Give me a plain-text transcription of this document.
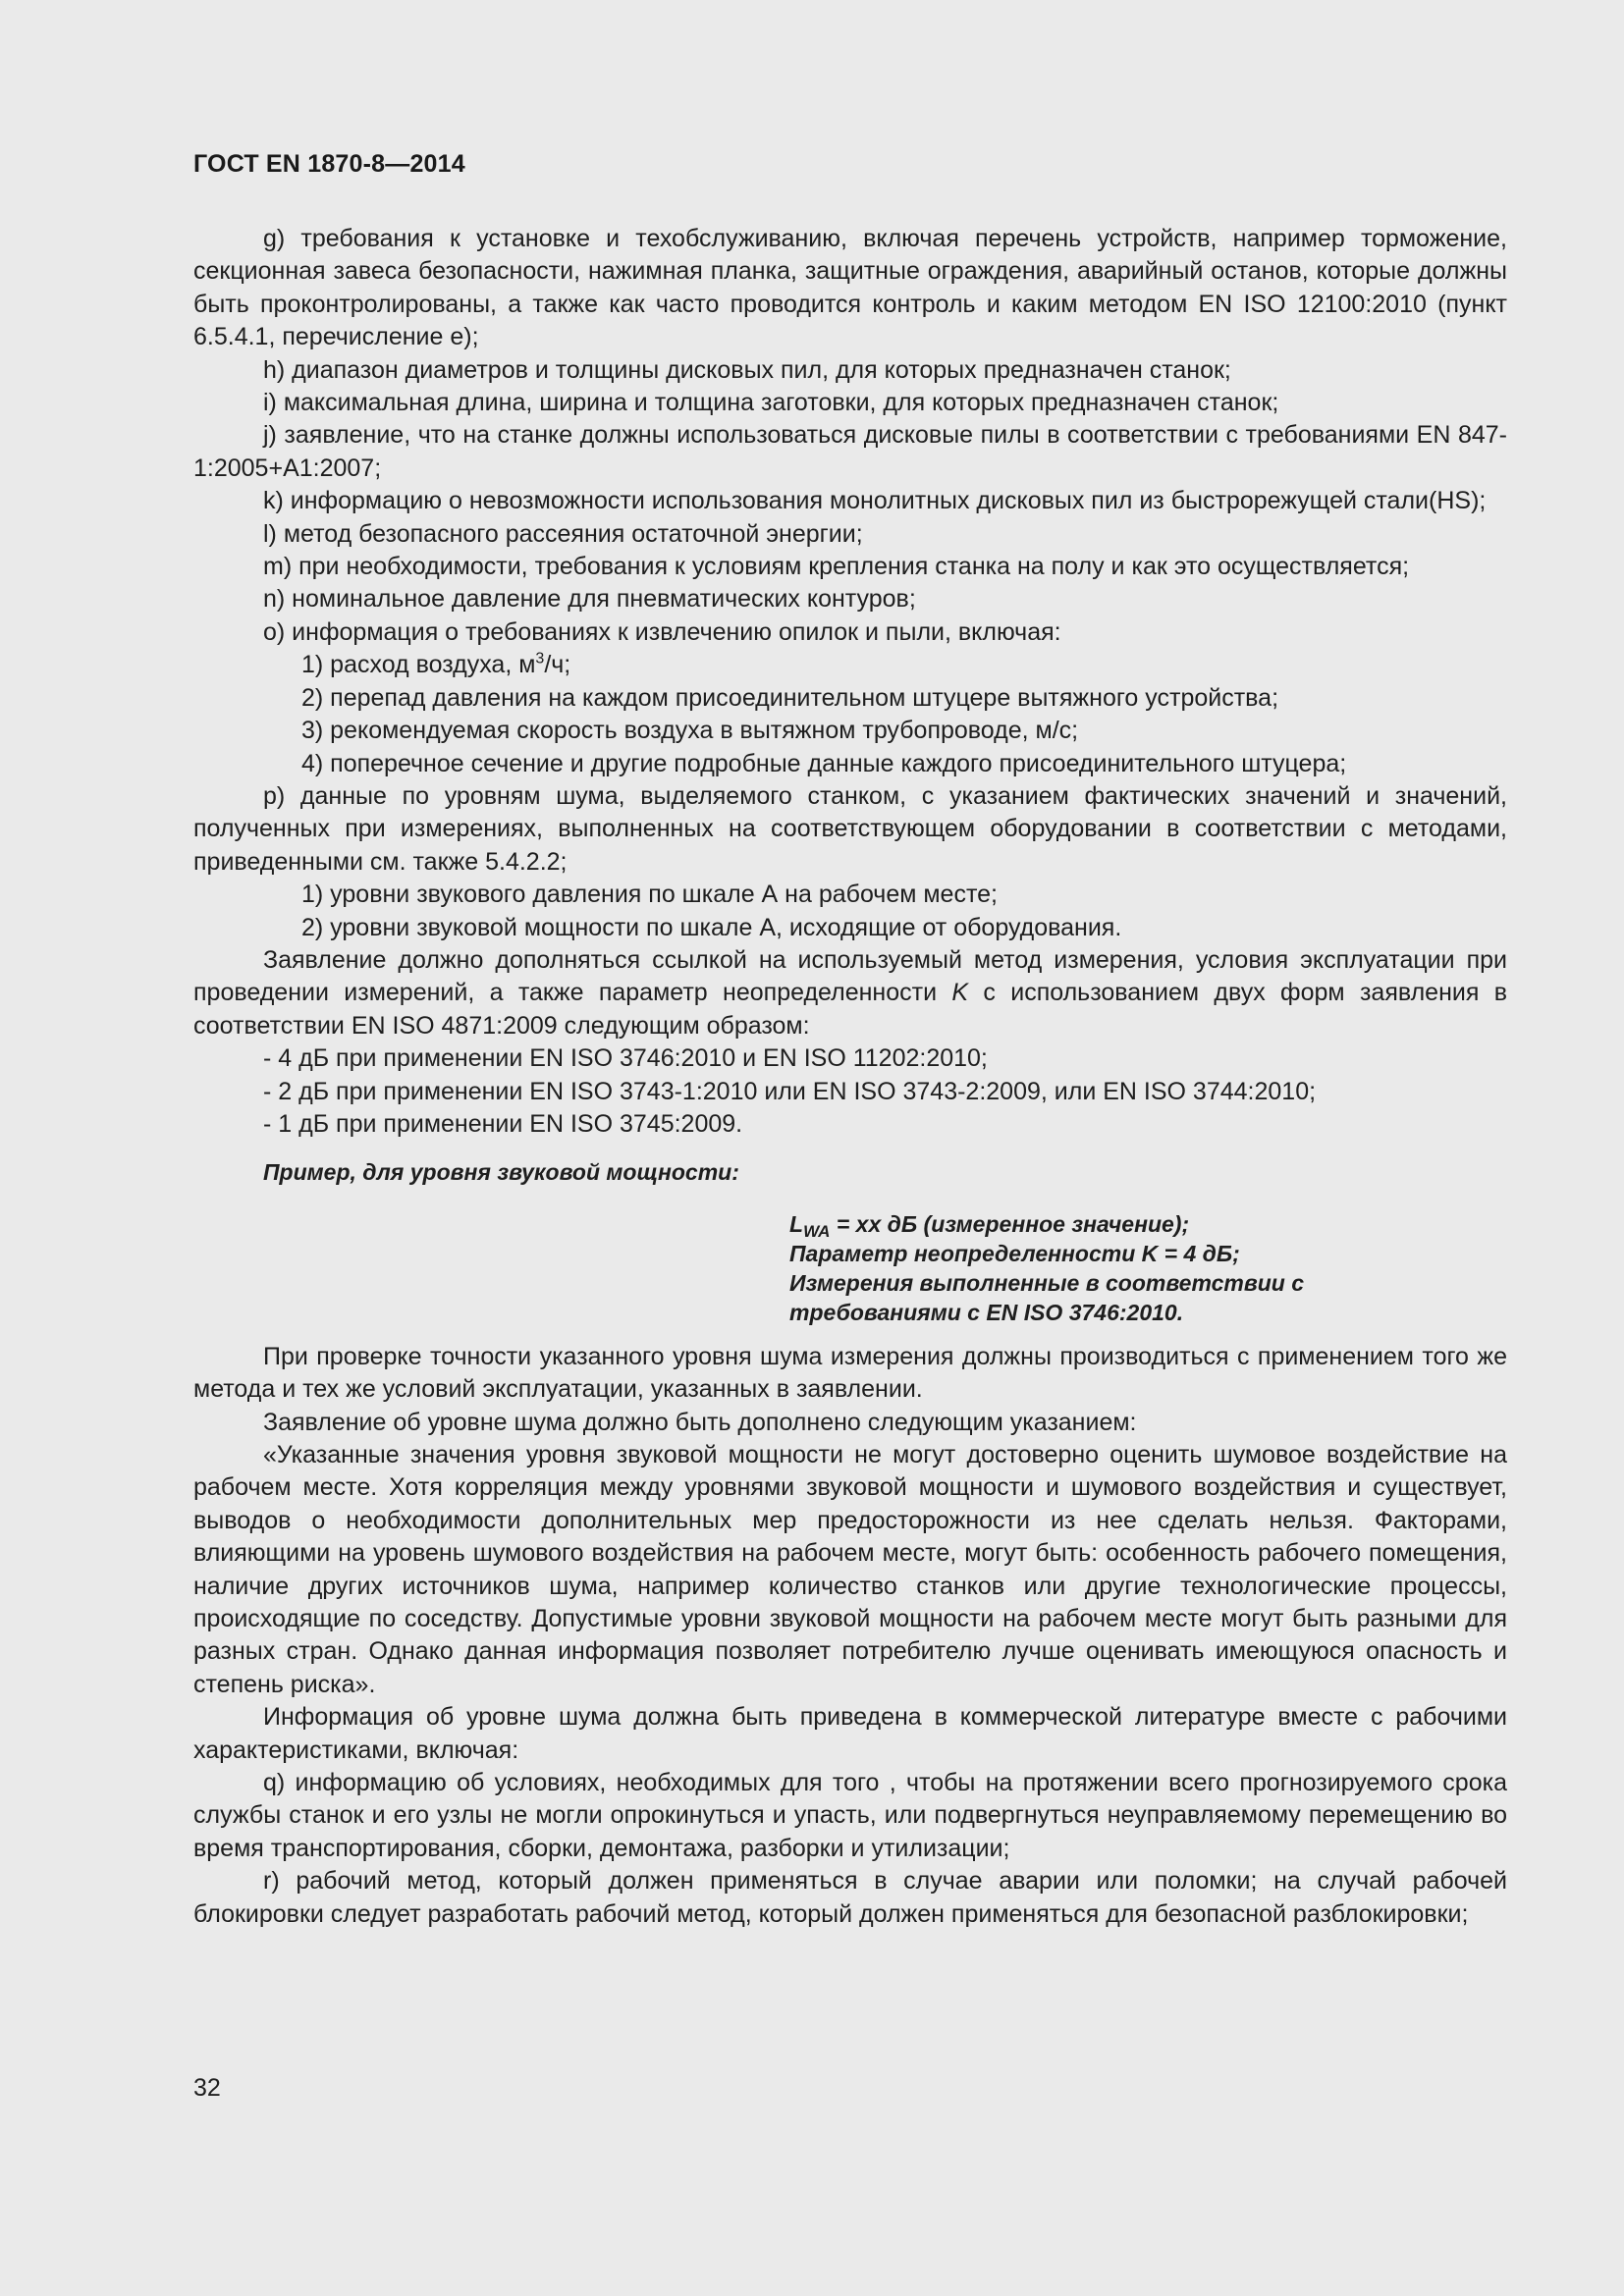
ГОСТ EN 1870-8—2014

g) требования к установке и техобслуживанию, включая перечень устройств, например торможение, секционная завеса безопасности, нажимная планка, защитные ограждения, аварийный останов, которые должны быть проконтролированы, а также как часто проводится контроль и каким методом EN ISO 12100:2010 (пункт 6.5.4.1, перечисление е);

h) диапазон диаметров и толщины дисковых пил, для которых предназначен станок;

i) максимальная длина, ширина и толщина заготовки, для которых предназначен станок;

j) заявление, что на станке должны использоваться дисковые пилы в соответствии с требованиями EN 847-1:2005+A1:2007;

k) информацию о невозможности использования монолитных дисковых пил из быстрорежущей стали(HS);

l) метод безопасного рассеяния остаточной энергии;

m) при необходимости, требования к условиям крепления станка на полу и как это осуществляется;

n) номинальное давление для пневматических контуров;

o) информация о требованиях к извлечению опилок и пыли, включая:

1) расход воздуха, $м^3/ч$;

2) перепад давления на каждом присоединительном штуцере вытяжного устройства;

3) рекомендуемая скорость воздуха в вытяжном трубопроводе, м/с;

4) поперечное сечение и другие подробные данные каждого присоединительного штуцера;

p) данные по уровням шума, выделяемого станком, с указанием фактических значений и значений, полученных при измерениях, выполненных на соответствующем оборудовании в соответствии с методами, приведенными см. также 5.4.2.2;

1) уровни звукового давления по шкале А на рабочем месте;

2) уровни звуковой мощности по шкале А, исходящие от оборудования.

Заявление должно дополняться ссылкой на используемый метод измерения, условия эксплуатации при проведении измерений, а также параметр неопределенности K с использованием двух форм заявления в соответствии EN ISO 4871:2009 следующим образом:

- 4 дБ при применении EN ISO 3746:2010 и EN ISO 11202:2010;

- 2 дБ при применении EN ISO 3743-1:2010 или EN ISO 3743-2:2009, или EN ISO 3744:2010;

- 1 дБ при применении EN ISO 3745:2009.

Пример, для уровня звуковой мощности:

$L_{WA}$ = хх дБ (измеренное значение);
Параметр неопределенности K = 4 дБ;
Измерения выполненные в соответствии с
требованиями с EN ISO 3746:2010.

При проверке точности указанного уровня шума измерения должны производиться с применением того же метода и тех же условий эксплуатации, указанных в заявлении.

Заявление об уровне шума должно быть дополнено следующим указанием:

«Указанные значения уровня звуковой мощности не могут достоверно оценить шумовое воздействие на рабочем месте. Хотя корреляция между уровнями звуковой мощности и шумового воздействия и существует, выводов о необходимости дополнительных мер предосторожности из нее сделать нельзя. Факторами, влияющими на уровень шумового воздействия на рабочем месте, могут быть: особенность рабочего помещения, наличие других источников шума, например количество станков или другие технологические процессы, происходящие по соседству. Допустимые уровни звуковой мощности на рабочем месте могут быть разными для разных стран. Однако данная информация позволяет потребителю лучше оценивать имеющуюся опасность и степень риска».

Информация об уровне шума должна быть приведена в коммерческой литературе вместе с рабочими характеристиками, включая:

q) информацию об условиях, необходимых для того , чтобы на протяжении всего прогнозируемого срока службы станок и его узлы не могли опрокинуться и упасть, или подвергнуться неуправляемому перемещению во время транспортирования, сборки, демонтажа, разборки и утилизации;

r) рабочий метод, который должен применяться в случае аварии или поломки; на случай рабочей блокировки следует разработать рабочий метод, который должен применяться для безопасной разблокировки;

32
